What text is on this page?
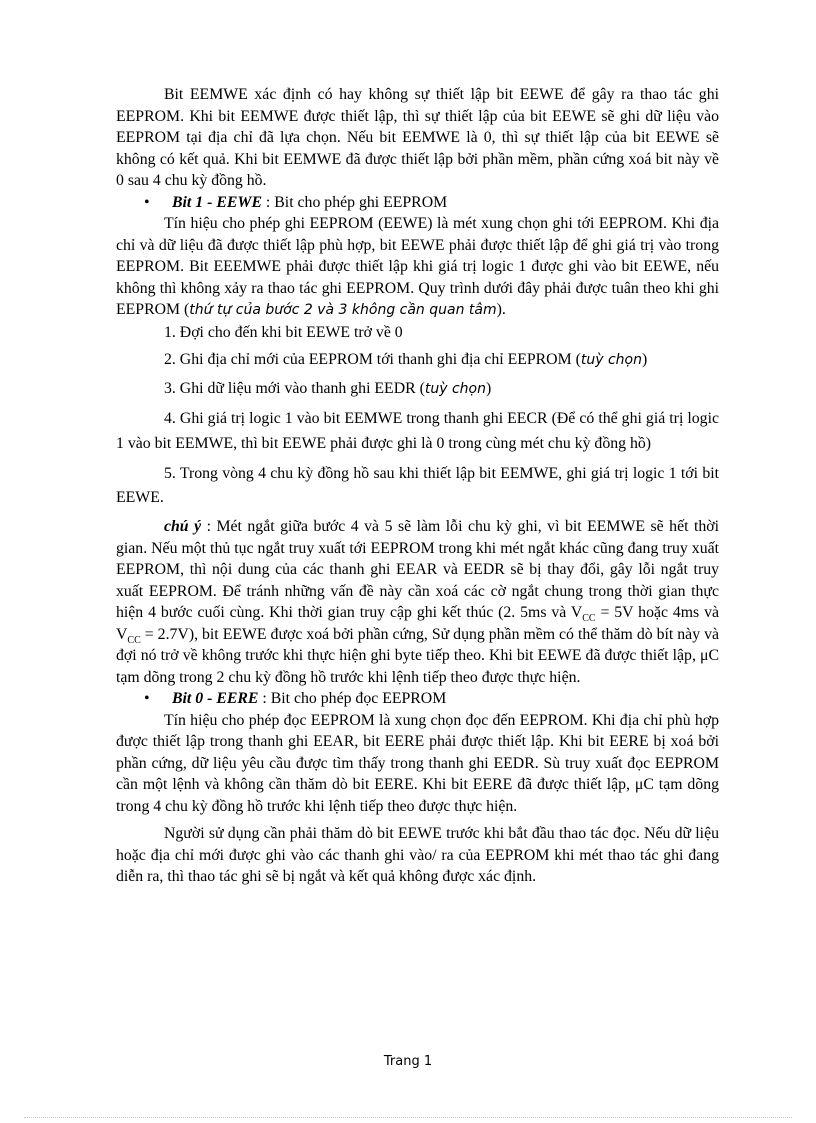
Bit EEMWE xác định có hay không sự thiết lập bit EEWE để gây ra thao tác ghi EEPROM. Khi bit EEMWE được thiết lập, thì sự thiết lập của bit EEWE sẽ ghi dữ liệu vào EEPROM tại địa chỉ đã lựa chọn. Nếu bit EEMWE là 0, thì sự thiết lập của bit EEWE sẽ không có kết quả. Khi bit EEMWE đã được thiết lập bởi phần mềm, phần cứng xoá bit này về 0 sau 4 chu kỳ đồng hồ.

• Bit 1 - EEWE : Bit cho phép ghi EEPROM

Tín hiệu cho phép ghi EEPROM (EEWE) là mét xung chọn ghi tới EEPROM. Khi địa chỉ và dữ liệu đã được thiết lập phù hợp, bit EEWE phải được thiết lập để ghi giá trị vào trong EEPROM. Bit EEEMWE phải được thiết lập khi giá trị logic 1 được ghi vào bit EEWE, nếu không thì không xảy ra thao tác ghi EEPROM. Quy trình dưới đây phải được tuân theo khi ghi EEPROM (thứ tự của bước 2 và 3 không cần quan tâm).

1. Đợi cho đến khi bit EEWE trở về 0

2. Ghi địa chỉ mới của EEPROM tới thanh ghi địa chỉ EEPROM (tuỳ chọn)

3. Ghi dữ liệu mới vào thanh ghi EEDR (tuỳ chọn)

4. Ghi giá trị logic 1 vào bit EEMWE trong thanh ghi EECR (Để có thể ghi giá trị logic 1 vào bit EEMWE, thì bit EEWE phải được ghi là 0 trong cùng mét chu kỳ đồng hồ)

5. Trong vòng 4 chu kỳ đồng hồ sau khi thiết lập bit EEMWE, ghi giá trị logic 1 tới bit EEWE.

chú ý : Mét ngắt giữa bước 4 và 5 sẽ làm lỗi chu kỳ ghi, vì bit EEMWE sẽ hết thời gian. Nếu một thủ tục ngắt truy xuất tới EEPROM trong khi mét ngắt khác cũng đang truy xuất EEPROM, thì nội dung của các thanh ghi EEAR và EEDR sẽ bị thay đổi, gây lỗi ngắt truy xuất EEPROM. Để tránh những vấn đề này cần xoá các cờ ngắt chung trong thời gian thực hiện 4 bước cuối cùng. Khi thời gian truy cập ghi kết thúc (2. 5ms và $V_{CC} = 5V$ hoặc 4ms và $V_{CC} = 2.7V$), bit EEWE được xoá bởi phần cứng, Sử dụng phần mềm có thể thăm dò bít này và đợi nó trở về không trước khi thực hiện ghi byte tiếp theo. Khi bit EEWE đã được thiết lập, μC tạm dõng trong 2 chu kỳ đồng hồ trước khi lệnh tiếp theo được thực hiện.

• Bit 0 - EERE : Bit cho phép đọc EEPROM

Tín hiệu cho phép đọc EEPROM là xung chọn đọc đến EEPROM. Khi địa chỉ phù hợp được thiết lập trong thanh ghi EEAR, bit EERE phải được thiết lập. Khi bit EERE bị xoá bởi phần cứng, dữ liệu yêu cầu được tìm thấy trong thanh ghi EEDR. Sù truy xuất đọc EEPROM cần một lệnh và không cần thăm dò bit EERE. Khi bit EERE đã được thiết lập, μC tạm dõng trong 4 chu kỳ đồng hồ trước khi lệnh tiếp theo được thực hiện.

Người sử dụng cần phải thăm dò bit EEWE trước khi bắt đầu thao tác đọc. Nếu dữ liệu hoặc địa chỉ mới được ghi vào các thanh ghi vào/ ra của EEPROM khi mét thao tác ghi đang diễn ra, thì thao tác ghi sẽ bị ngắt và kết quả không được xác định.

Trang 1
